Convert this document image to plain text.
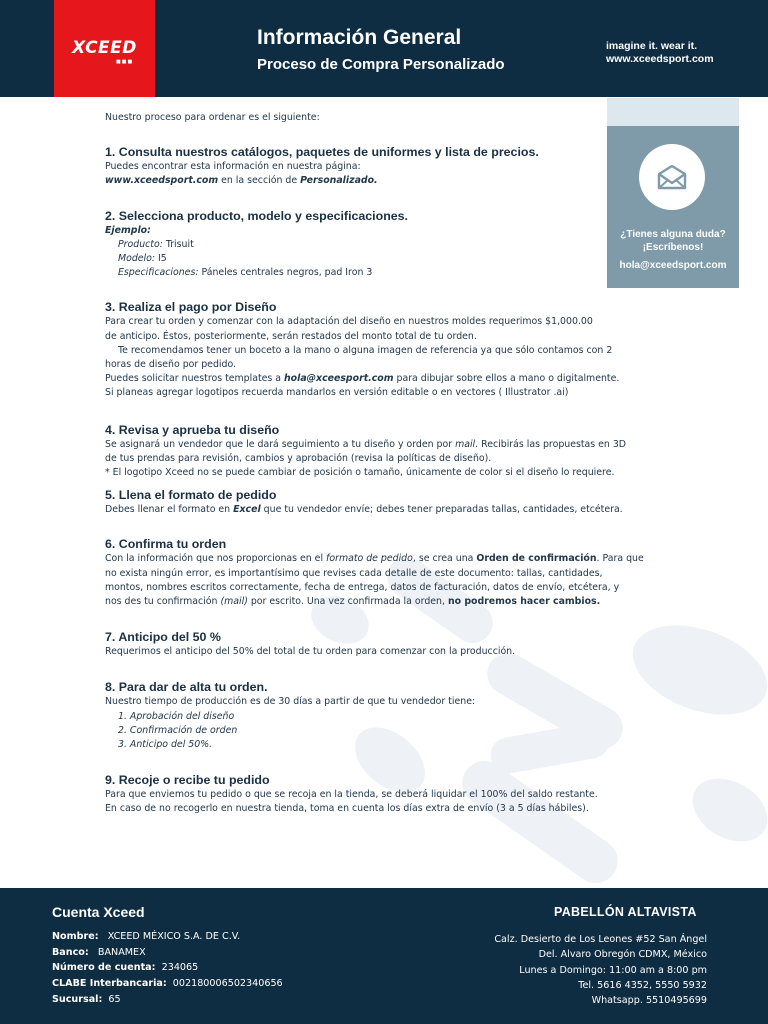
XCEED
■■■
Información General
Proceso de Compra Personalizado
imagine it. wear it.
www.xceedsport.com
¿Tienes alguna duda?
¡Escríbenos!
hola@xceedsport.com

Nuestro proceso para ordenar es el siguiente:

1. Consulta nuestros catálogos, paquetes de uniformes y lista de precios.

Puedes encontrar esta información en nuestra página:

www.xceedsport.com en la sección de Personalizado.

2. Selecciona producto, modelo y especificaciones.

Ejemplo:

Producto: Trisuit

Modelo: I5

Especificaciones: Páneles centrales negros, pad Iron 3

3. Realiza el pago por Diseño

Para crear tu orden y comenzar con la adaptación del diseño en nuestros moldes requerimos $1,000.00

de anticipo. Éstos, posteriormente, serán restados del monto total de tu orden.

Te recomendamos tener un boceto a la mano o alguna imagen de referencia ya que sólo contamos con 2

horas de diseño por pedido.

Puedes solicitar nuestros templates a hola@xceesport.com para dibujar sobre ellos a mano o digitalmente.

Si planeas agregar logotipos recuerda mandarlos en versión editable o en vectores ( Illustrator .ai)

4. Revisa y aprueba tu diseño

Se asignará un vendedor que le dará seguimiento a tu diseño y orden por mail. Recibirás las propuestas en 3D

de tus prendas para revisión, cambios y aprobación (revisa la políticas de diseño).

* El logotipo Xceed no se puede cambiar de posición o tamaño, únicamente de color si el diseño lo requiere.

5. Llena el formato de pedido

Debes llenar el formato en Excel que tu vendedor envíe; debes tener preparadas tallas, cantidades, etcétera.

6. Confirma tu orden

Con la información que nos proporcionas en el formato de pedido, se crea una Orden de confirmación. Para que

no exista ningún error, es importantísimo que revises cada detalle de este documento: tallas, cantidades,

montos, nombres escritos correctamente, fecha de entrega, datos de facturación, datos de envío, etcétera, y

nos des tu confirmación (mail) por escrito. Una vez confirmada la orden, no podremos hacer cambios.

7. Anticipo del 50 %

Requerimos el anticipo del 50% del total de tu orden para comenzar con la producción.

8. Para dar de alta tu orden.

Nuestro tiempo de producción es de 30 días a partir de que tu vendedor tiene:

1. Aprobación del diseño

2. Confirmación de orden

3. Anticipo del 50%.

9. Recoje o recibe tu pedido

Para que enviemos tu pedido o que se recoja en la tienda, se deberá liquidar el 100% del saldo restante.

En caso de no recogerlo en nuestra tienda, toma en cuenta los días extra de envío (3 a 5 días hábiles).

Cuenta Xceed
Nombre: XCEED MÉXICO S.A. DE C.V.
Banco: BANAMEX
Número de cuenta: 234065
CLABE Interbancaria: 002180006502340656
Sucursal: 65
PABELLÓN ALTAVISTA
Calz. Desierto de Los Leones #52 San Ángel
Del. Alvaro Obregón CDMX, México
Lunes a Domingo: 11:00 am a 8:00 pm
Tel. 5616 4352, 5550 5932
Whatsapp. 5510495699
